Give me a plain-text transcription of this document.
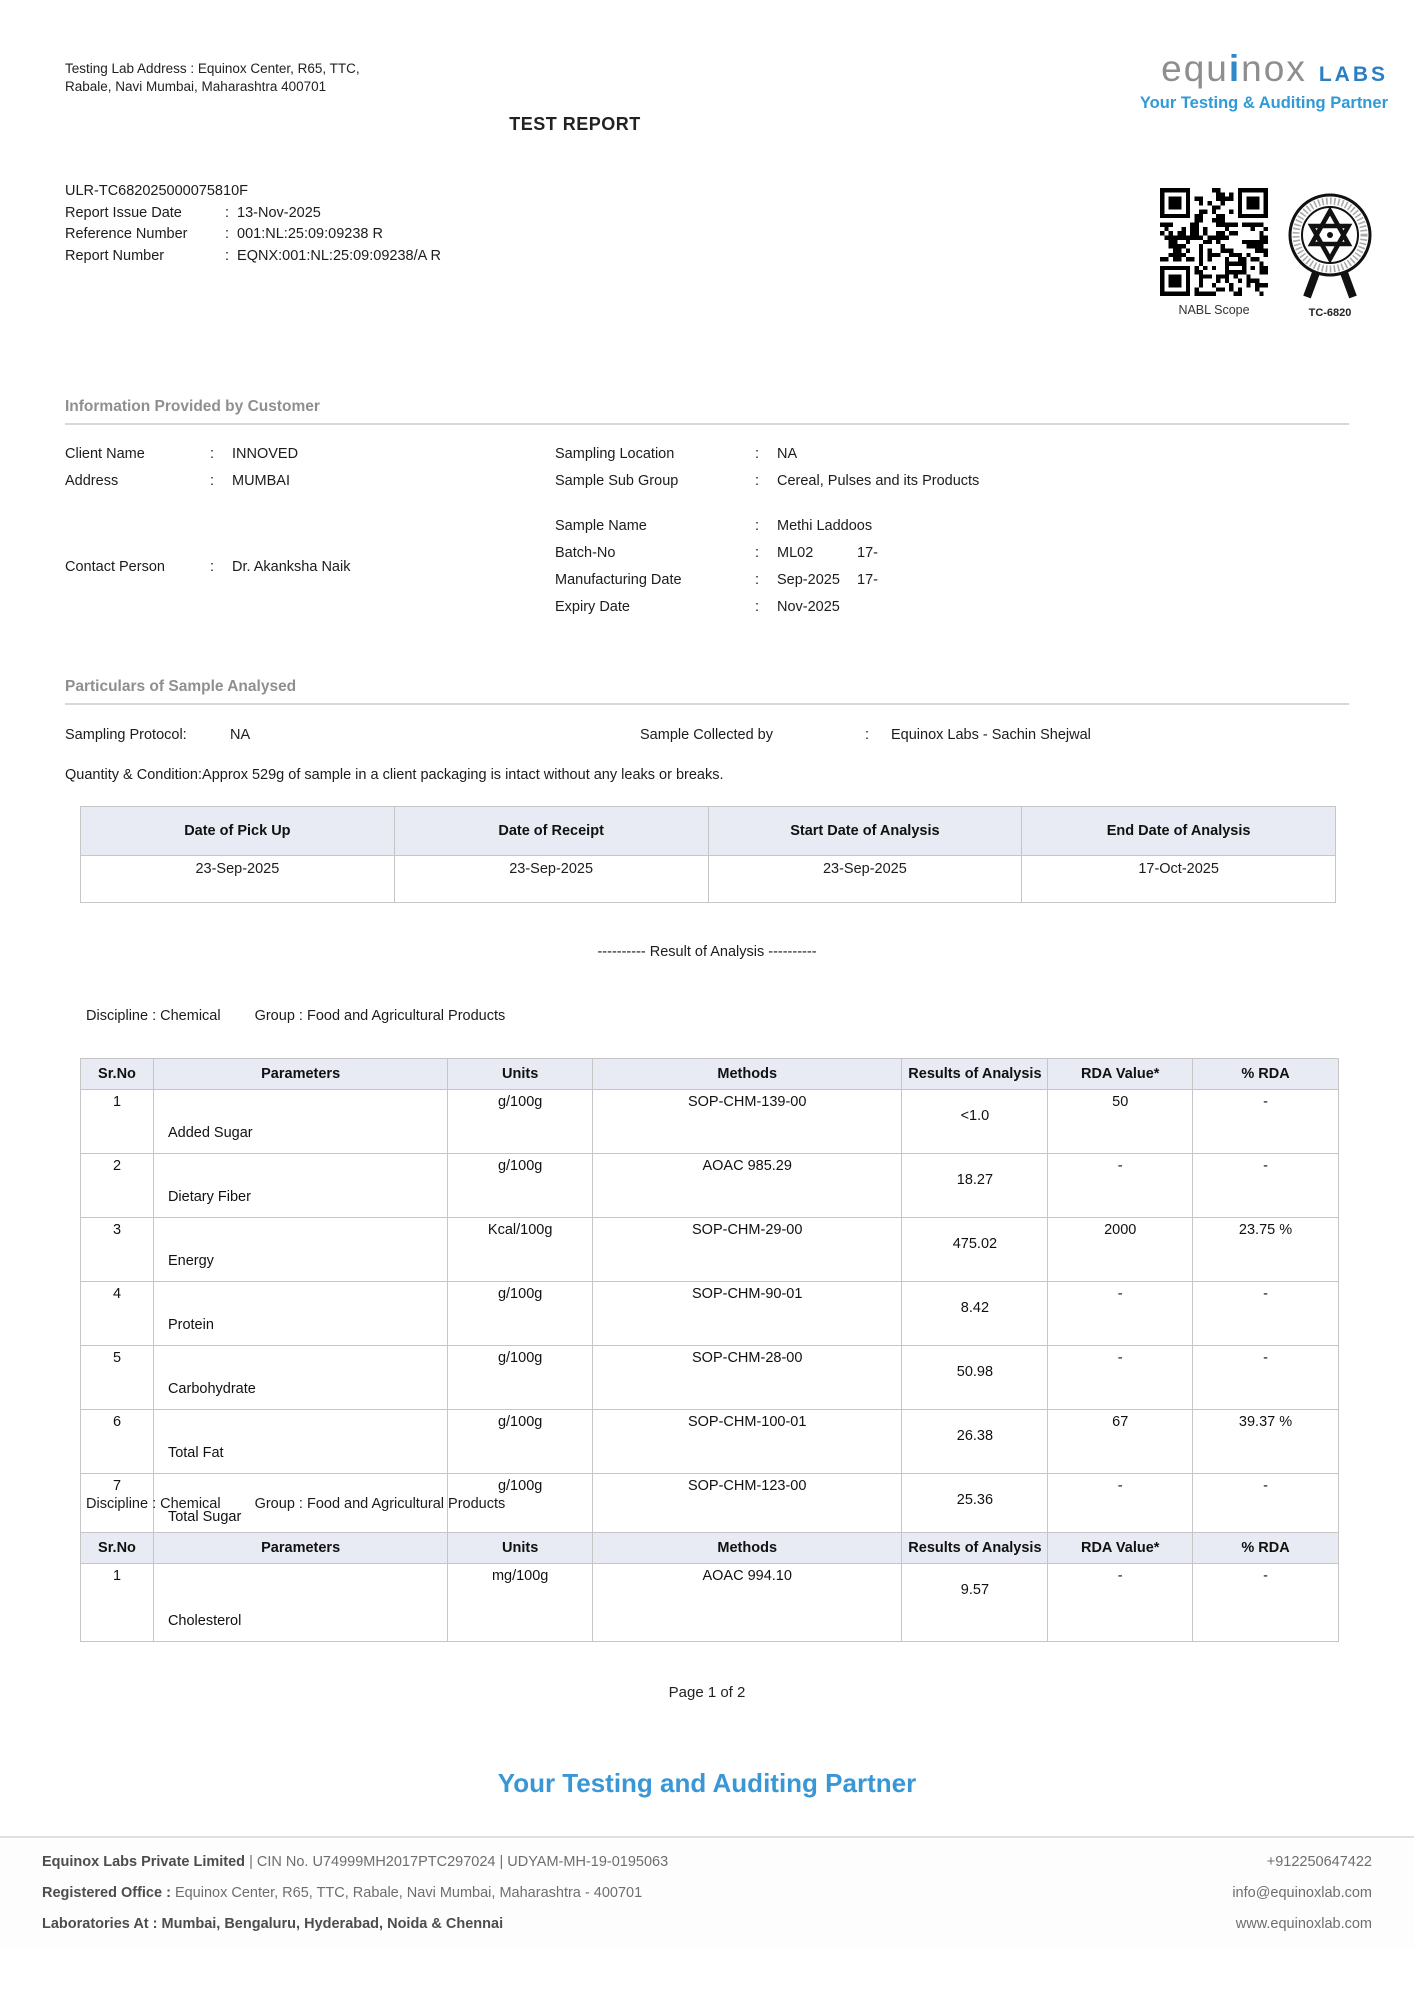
Testing Lab Address : Equinox Center, R65, TTC, Rabale, Navi Mumbai, Maharashtra 400701
TEST REPORT
equinox LABS
Your Testing & Auditing Partner
ULR-TC682025000075810F
Report Issue Date	: 13-Nov-2025
Reference Number	: 001:NL:25:09:09238 R
Report Number	: EQNX:001:NL:25:09:09238/A R
NABL Scope	TC-6820
Information Provided by Customer
Client Name	:	INNOVED
Address	:	MUMBAI
Sampling Location	:	NA
Sample Sub Group	:	Cereal, Pulses and its Products
Contact Person	:	Dr. Akanksha Naik
Sample Name	:	Methi Laddoos
Batch-No	:	ML02	17-
Manufacturing Date	:	Sep-2025 17-
Expiry Date	:	Nov-2025
Particulars of Sample Analysed
Sampling Protocol:	NA	Sample Collected by	:	Equinox Labs - Sachin Shejwal
Quantity & Condition:Approx 529g of sample in a client packaging is intact without any leaks or breaks.
Date of Pick Up	Date of Receipt	Start Date of Analysis	End Date of Analysis
23-Sep-2025	23-Sep-2025	23-Sep-2025	17-Oct-2025
---------- Result of Analysis ----------
Discipline : Chemical Group : Food and Agricultural Products
Sr.No	Parameters	Units	Methods	Results of Analysis	RDA Value*	% RDA
1	Added Sugar	g/100g	SOP-CHM-139-00	<1.0	50	-
2	Dietary Fiber	g/100g	AOAC 985.29	18.27	-	-
3	Energy	Kcal/100g	SOP-CHM-29-00	475.02	2000	23.75 %
4	Protein	g/100g	SOP-CHM-90-01	8.42	-	-
5	Carbohydrate	g/100g	SOP-CHM-28-00	50.98	-	-
6	Total Fat	g/100g	SOP-CHM-100-01	26.38	67	39.37 %
7	Total Sugar	g/100g	SOP-CHM-123-00	25.36	-	-
Discipline : Chemical Group : Food and Agricultural Products
Sr.No	Parameters	Units	Methods	Results of Analysis	RDA Value*	% RDA
1	Cholesterol	mg/100g	AOAC 994.10	9.57	-	-
Page 1 of 2
Your Testing and Auditing Partner
Equinox Labs Private Limited | CIN No. U74999MH2017PTC297024 | UDYAM-MH-19-0195063	+912250647422
Registered Office : Equinox Center, R65, TTC, Rabale, Navi Mumbai, Maharashtra - 400701	info@equinoxlab.com
Laboratories At : Mumbai, Bengaluru, Hyderabad, Noida & Chennai	www.equinoxlab.com
